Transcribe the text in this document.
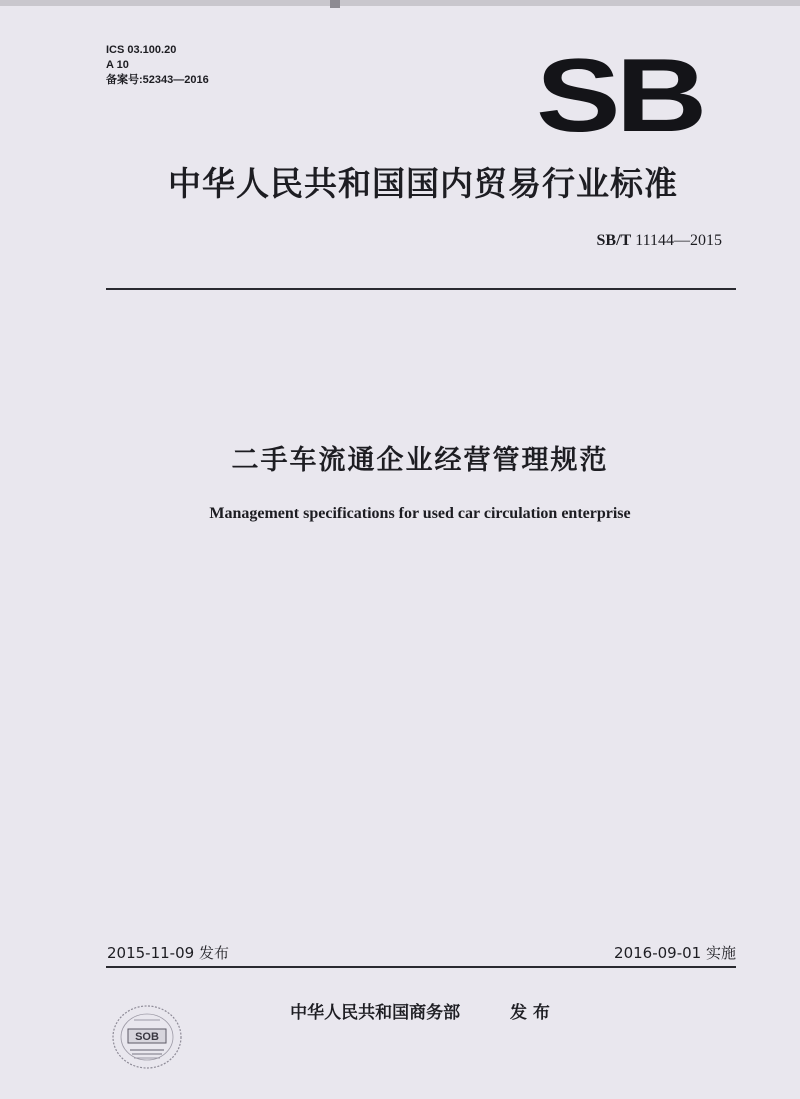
ICS 03.100.20
A 10
备案号:52343—2016	SB
中华人民共和国国内贸易行业标准
SB/T 11144—2015
二手车流通企业经营管理规范
Management specifications for used car circulation enterprise
2015-11-09 发布	2016-09-01 实施
中华人民共和国商务部	发 布
SOB
